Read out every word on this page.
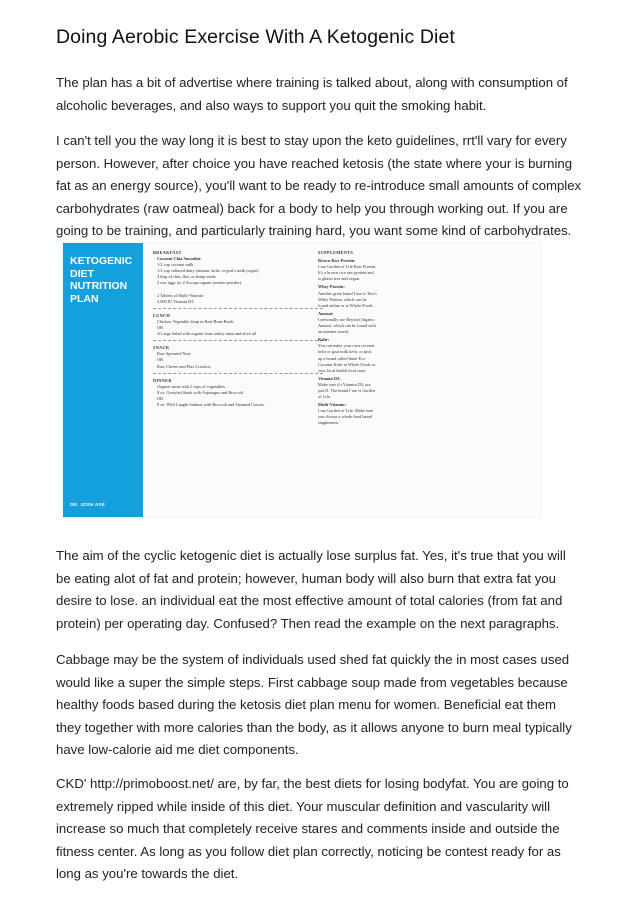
Doing Aerobic Exercise With A Ketogenic Diet

The plan has a bit of advertise where training is talked about, along with consumption of alcoholic beverages, and also ways to support you quit the smoking habit.

I can't tell you the way long it is best to stay upon the keto guidelines, rrt'll vary for every person. However, after choice you have reached ketosis (the state where your is burning fat as an energy source), you'll want to be ready to re-introduce small amounts of complex carbohydrates (raw oatmeal) back for a body to help you through working out. If you are going to be training, and particularly training hard, you want some kind of carbohydrates.

KETOGENIC
DIET
NUTRITION
PLAN
DR. JOSH AXE
BREAKFAST
Coconut Chia Smoothie
1/2 cup coconut milk
1/2 cup cultured dairy (amasai, kefir, or goat's milk yogurt)
4 tbsp of chia, flax, or hemp seeds
2 raw eggs (or 2 Scoops organic protein powder).

2 Tablets of Multi-Vitamin
5,000 IU Vitamin D3
LUNCH
Chicken Vegetable Soup in Real Bone Broth
OR
A Large Salad with organic lean turkey meat and olive oil
SNACK
Raw Sprouted Nuts
OR
Raw Cheese and Flax Crackers
DINNER
Organic meat with 2 cups of vegetables
8 oz. Grassfed Steak with Asparagus and Broccoli
OR
8 oz. Wild Caught Salmon with Broccoli and Steamed Carrots.
SUPPLEMENTS
Brown Rice Protein:
I use Garden of Life Raw Protein.
It's a brown rice raw protein and
is gluten free and vegan.
Whey Protein:
Another great brand I use is Tera's
Whey Protein, which can be
found online or at Whole Foods.
Amasai:
I personally use Beyond Organic
Amasai, which can be found with
an internet search.
Kefir:
You can make your own coconut
kefir or goat milk kefir, or pick
up a brand called Inner Eco
Coconut Kefir at Whole Foods or
your local health food store.
Vitamin D3:
Make sure it's Vitamin D3, not
just D. The brand I use is Garden
of Life.
Multi-Vitamin:
I use Garden of Life. Make sure
you choose a whole-food based
supplement.

The aim of the cyclic ketogenic diet is actually lose surplus fat. Yes, it's true that you will be eating alot of fat and protein; however, human body will also burn that extra fat you desire to lose. an individual eat the most effective amount of total calories (from fat and protein) per operating day. Confused? Then read the example on the next paragraphs.

Cabbage may be the system of individuals used shed fat quickly the in most cases used would like a super the simple steps. First cabbage soup made from vegetables because healthy foods based during the ketosis diet plan menu for women. Beneficial eat them they together with more calories than the body, as it allows anyone to burn meal typically have low-calorie aid me diet components.

CKD' http://primoboost.net/ are, by far, the best diets for losing bodyfat. You are going to extremely ripped while inside of this diet. Your muscular definition and vascularity will increase so much that completely receive stares and comments inside and outside the fitness center. As long as you follow diet plan correctly, noticing be contest ready for as long as you're towards the diet.
